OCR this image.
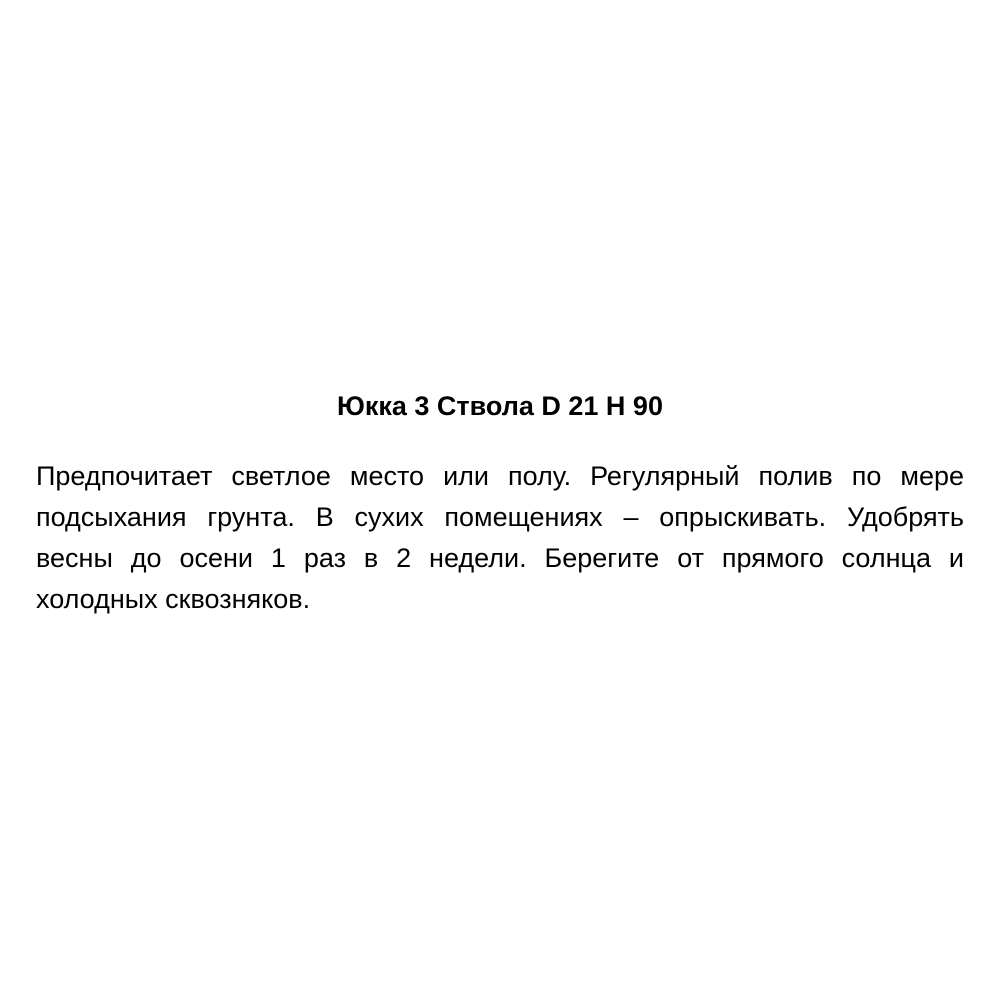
Юкка 3 Ствола D 21 H 90

Предпочитает светлое место или полу. Регулярный полив по мере
подсыхания грунта. В сухих помещениях – опрыскивать. Удобрять
весны до осени 1 раз в 2 недели. Берегите от прямого солнца и
холодных сквозняков.
